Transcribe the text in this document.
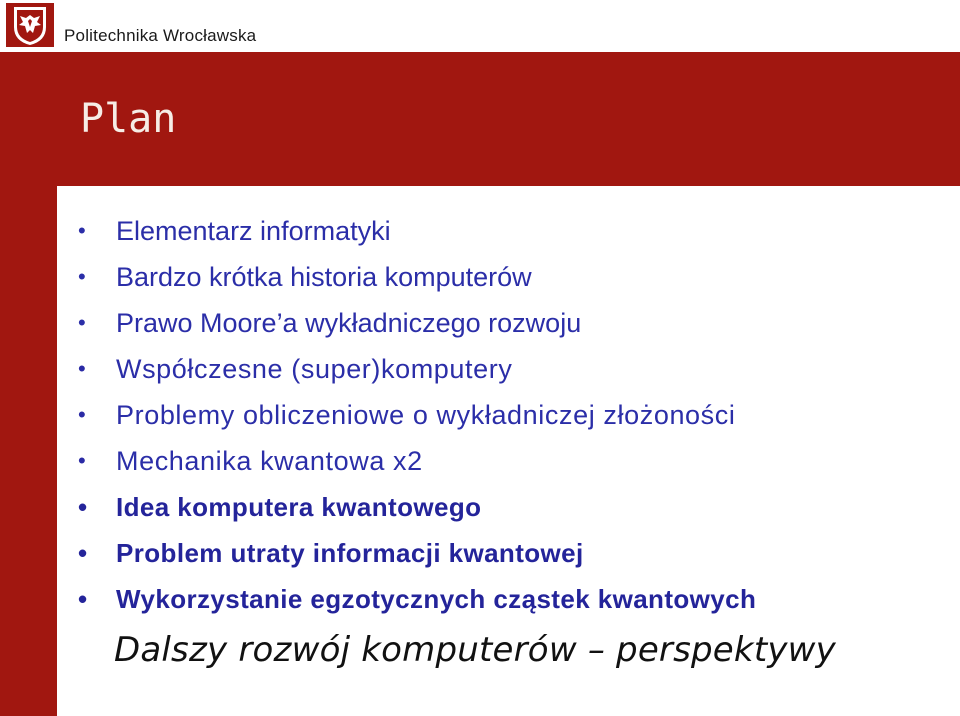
Politechnika Wrocławska
Plan
•	Elementarz informatyki
•	Bardzo krótka historia komputerów
•	Prawo Moore’a wykładniczego rozwoju
•	Współczesne (super)komputery
•	Problemy obliczeniowe o wykładniczej złożoności
•	Mechanika kwantowa x2
• Idea komputera kwantowego
• Problem utraty informacji kwantowej
• Wykorzystanie egzotycznych cząstek kwantowych
Dalszy rozwój komputerów – perspektywy
